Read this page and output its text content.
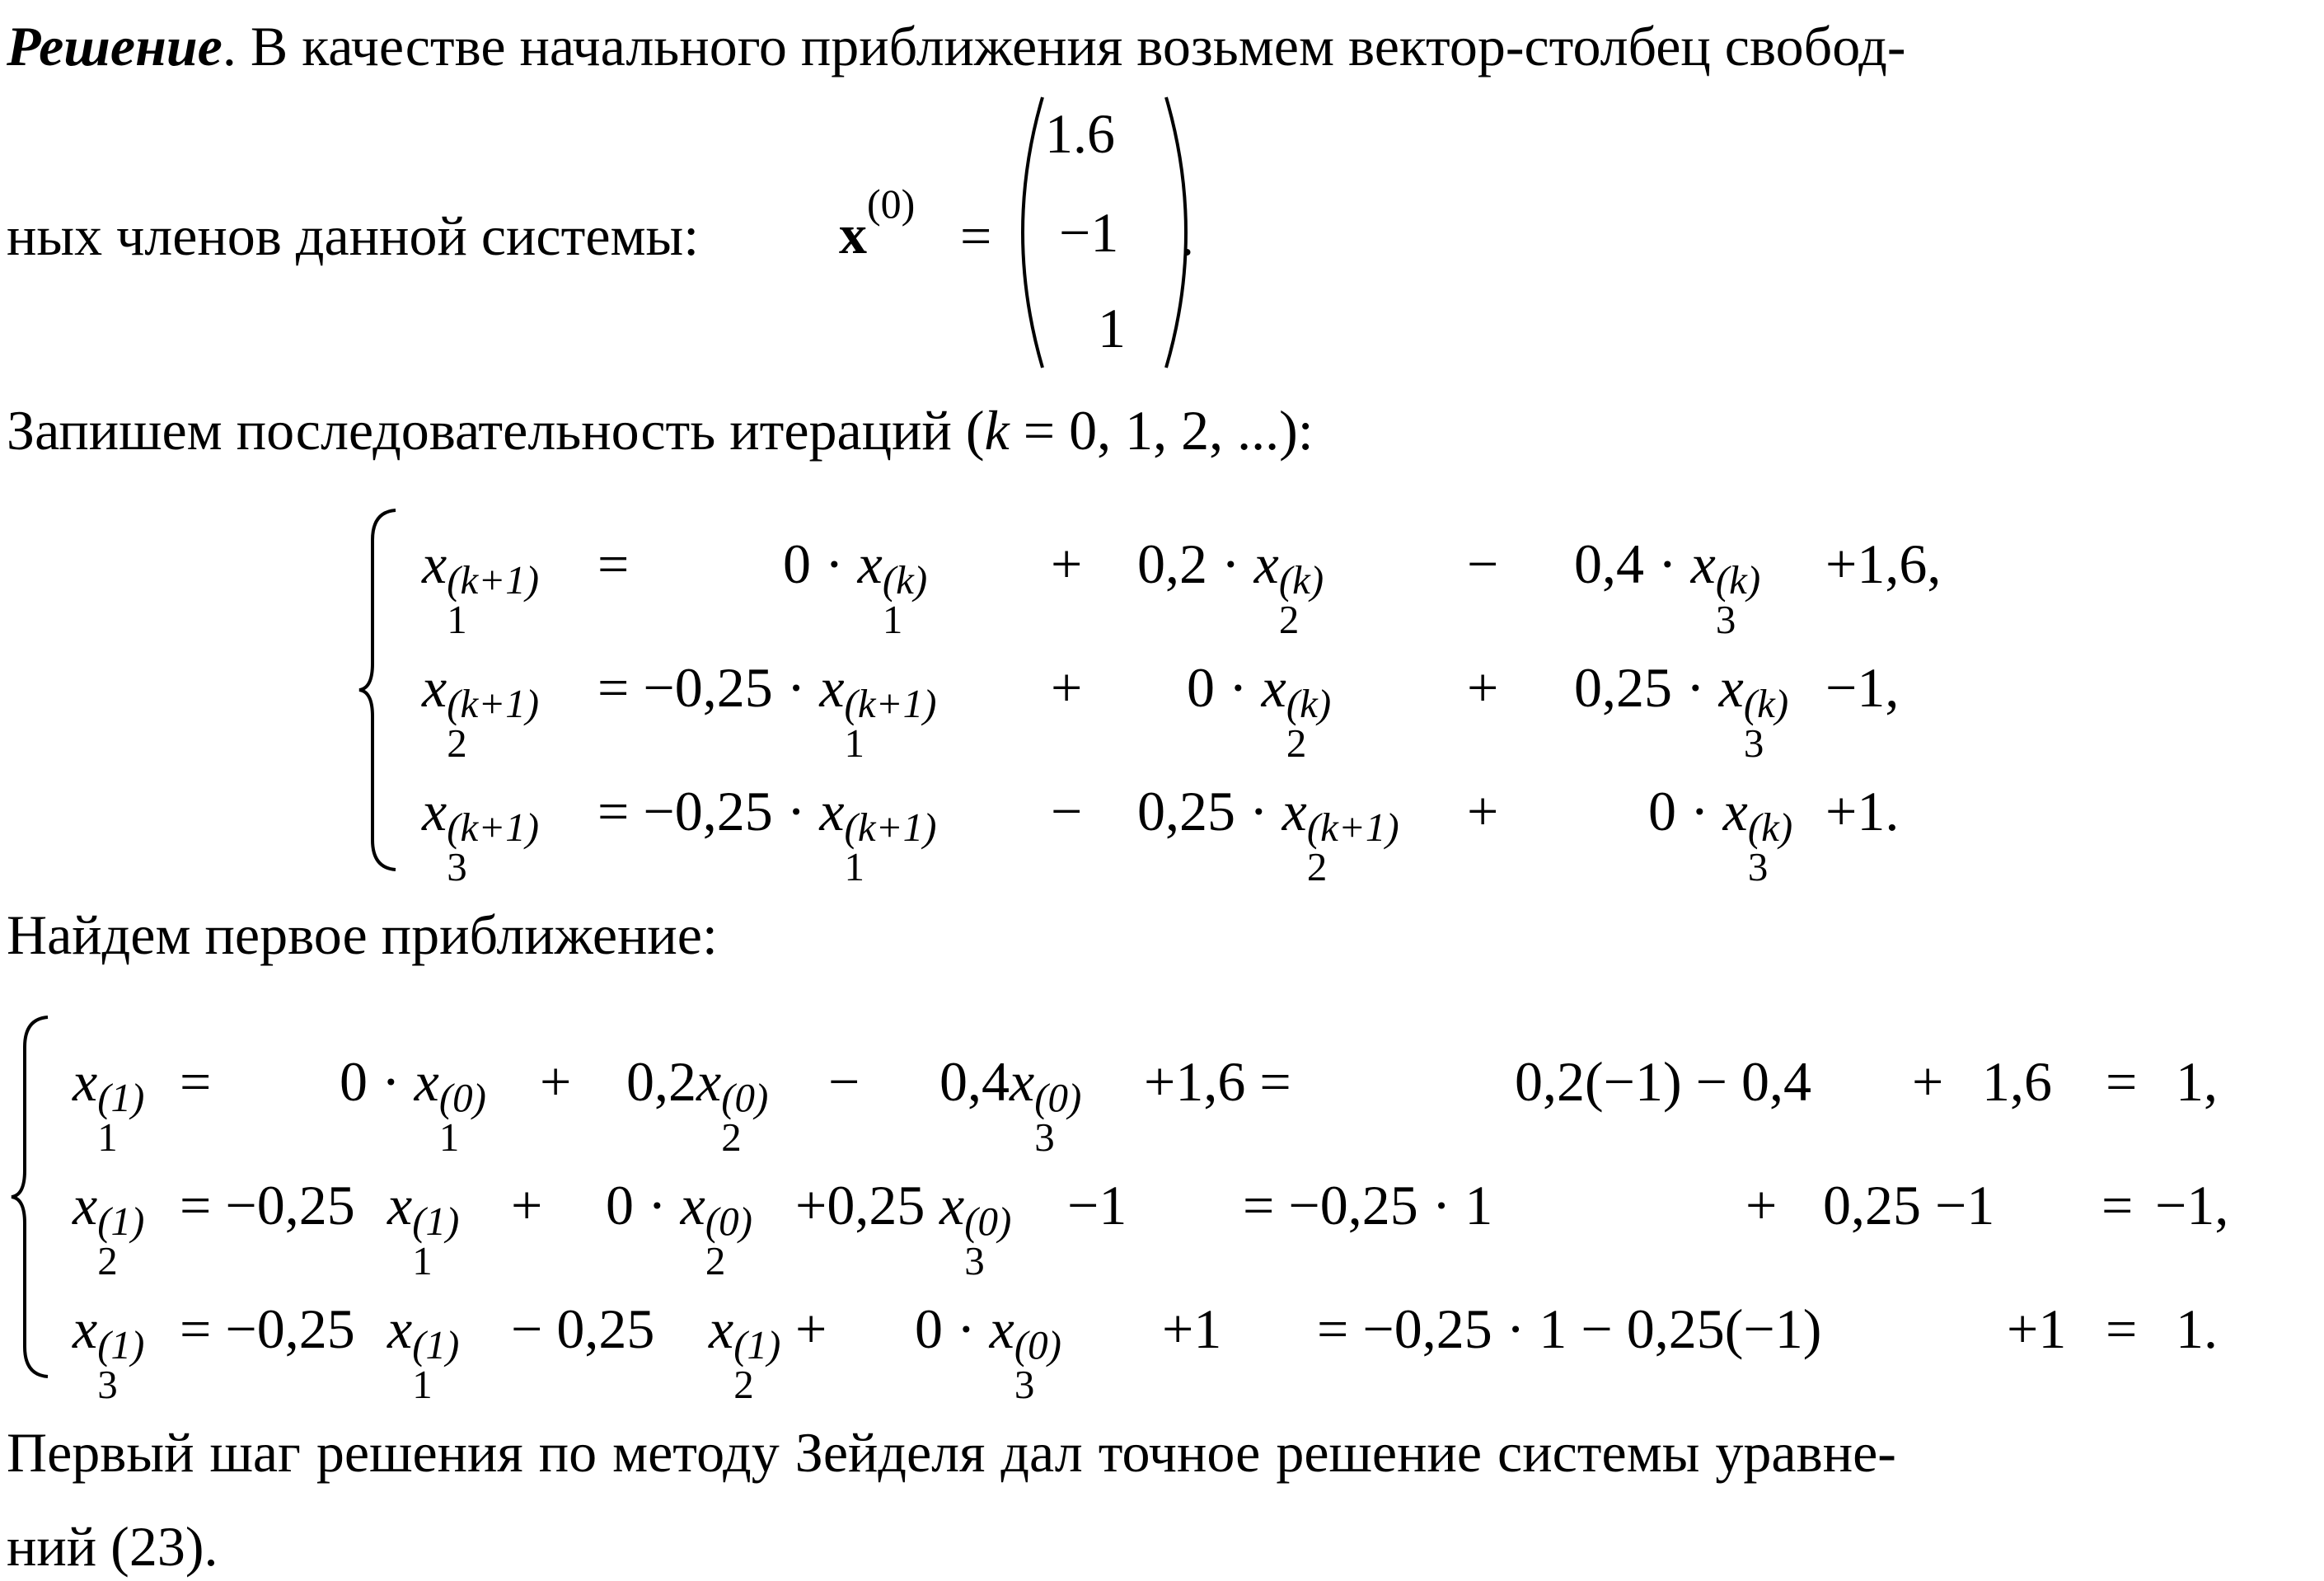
Решение. В качестве начального приближения возьмем вектор-столбец свобод-
ных членов данной системы: x (0)
=
1.6
−1
1
.
Запишем последовательность итераций (k = 0, 1, 2, ...):
x (k+1)
1
=	0 · x (k)
1
+ 0,2 · x (k)
2
− 0,4 · x (k)
3
+1,6,
x (k+1)
2
= −0,25 · x (k+1)
1
+ 0 · x (k)
2
+ 0,25 · x (k)
3
−1,
x (k+1)
3
= −0,25 · x (k+1)
1
− 0,25 · x (k+1)
2
+	0 · x (k)
3
+1.
Найдем первое приближение:
x (1)
1
= 0 · x (0)
1
+ 0,2x (0)
2
− 0,4x (0)
3
+1,6 =	0,2(−1) − 0,4 + 1,6 = 1,
x (1)
2
= −0,25 x (1)
1
+ 0 · x (0)
2
+0,25 x (0)
3
−1 = −0,25 · 1	+ 0,25 −1 = −1,
x (1)
3
= −0,25 x (1)
1
− 0,25 x (1)
2
+ 0 · x (0)
3
+1 = −0,25 · 1 − 0,25(−1)	+1 = 1.
Первый шаг решения по методу Зейделя дал точное решение системы уравне-
ний (23).
